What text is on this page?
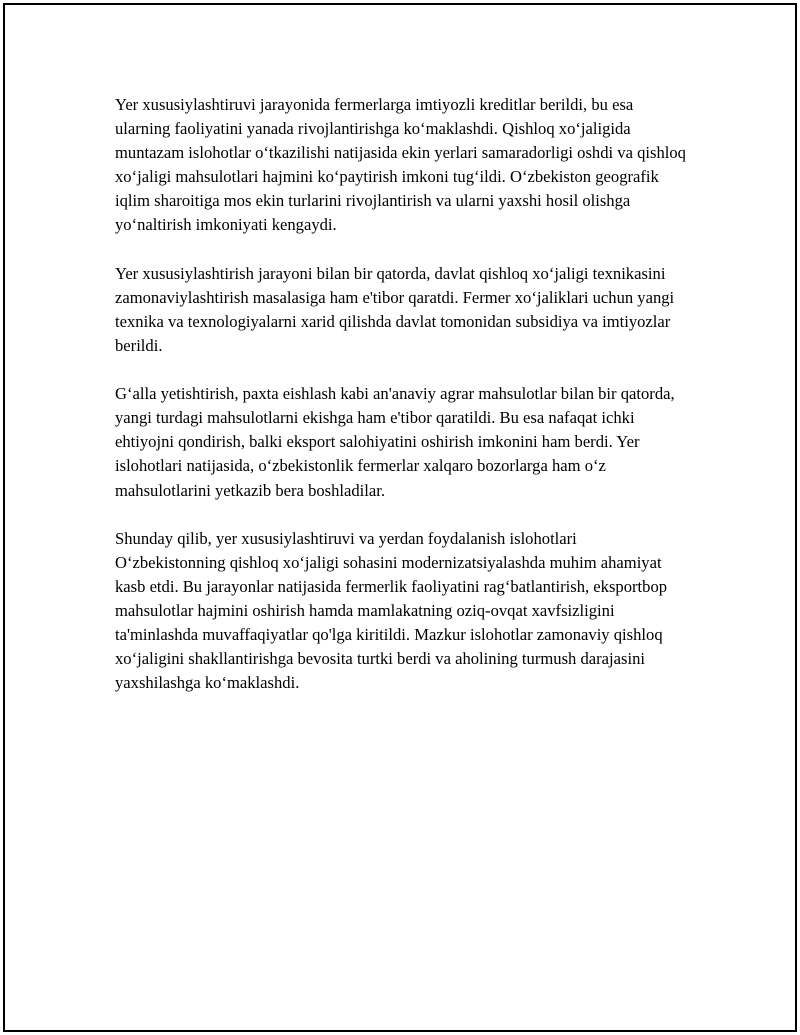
Yer xususiylashtiruvi jarayonida fermerlarga imtiyozli kreditlar berildi, bu esa ularning faoliyatini yanada rivojlantirishga ko‘maklashdi. Qishloq xo‘jaligida muntazam islohotlar o‘tkazilishi natijasida ekin yerlari samaradorligi oshdi va qishloq xo‘jaligi mahsulotlari hajmini ko‘paytirish imkoni tug‘ildi. O‘zbekiston geografik iqlim sharoitiga mos ekin turlarini rivojlantirish va ularni yaxshi hosil olishga yo‘naltirish imkoniyati kengaydi.

Yer xususiylashtirish jarayoni bilan bir qatorda, davlat qishloq xo‘jaligi texnikasini zamonaviylashtirish masalasiga ham e'tibor qaratdi. Fermer xo‘jaliklari uchun yangi texnika va texnologiyalarni xarid qilishda davlat tomonidan subsidiya va imtiyozlar berildi.

G‘alla yetishtirish, paxta eishlash kabi an'anaviy agrar mahsulotlar bilan bir qatorda, yangi turdagi mahsulotlarni ekishga ham e'tibor qaratildi. Bu esa nafaqat ichki ehtiyojni qondirish, balki eksport salohiyatini oshirish imkonini ham berdi. Yer islohotlari natijasida, o‘zbekistonlik fermerlar xalqaro bozorlarga ham o‘z mahsulotlarini yetkazib bera boshladilar.

Shunday qilib, yer xususiylashtiruvi va yerdan foydalanish islohotlari O‘zbekistonning qishloq xo‘jaligi sohasini modernizatsiyalashda muhim ahamiyat kasb etdi. Bu jarayonlar natijasida fermerlik faoliyatini rag‘batlantirish, eksportbop mahsulotlar hajmini oshirish hamda mamlakatning oziq-ovqat xavfsizligini ta'minlashda muvaffaqiyatlar qo'lga kiritildi. Mazkur islohotlar zamonaviy qishloq xo‘jaligini shakllantirishga bevosita turtki berdi va aholining turmush darajasini yaxshilashga ko‘maklashdi.
